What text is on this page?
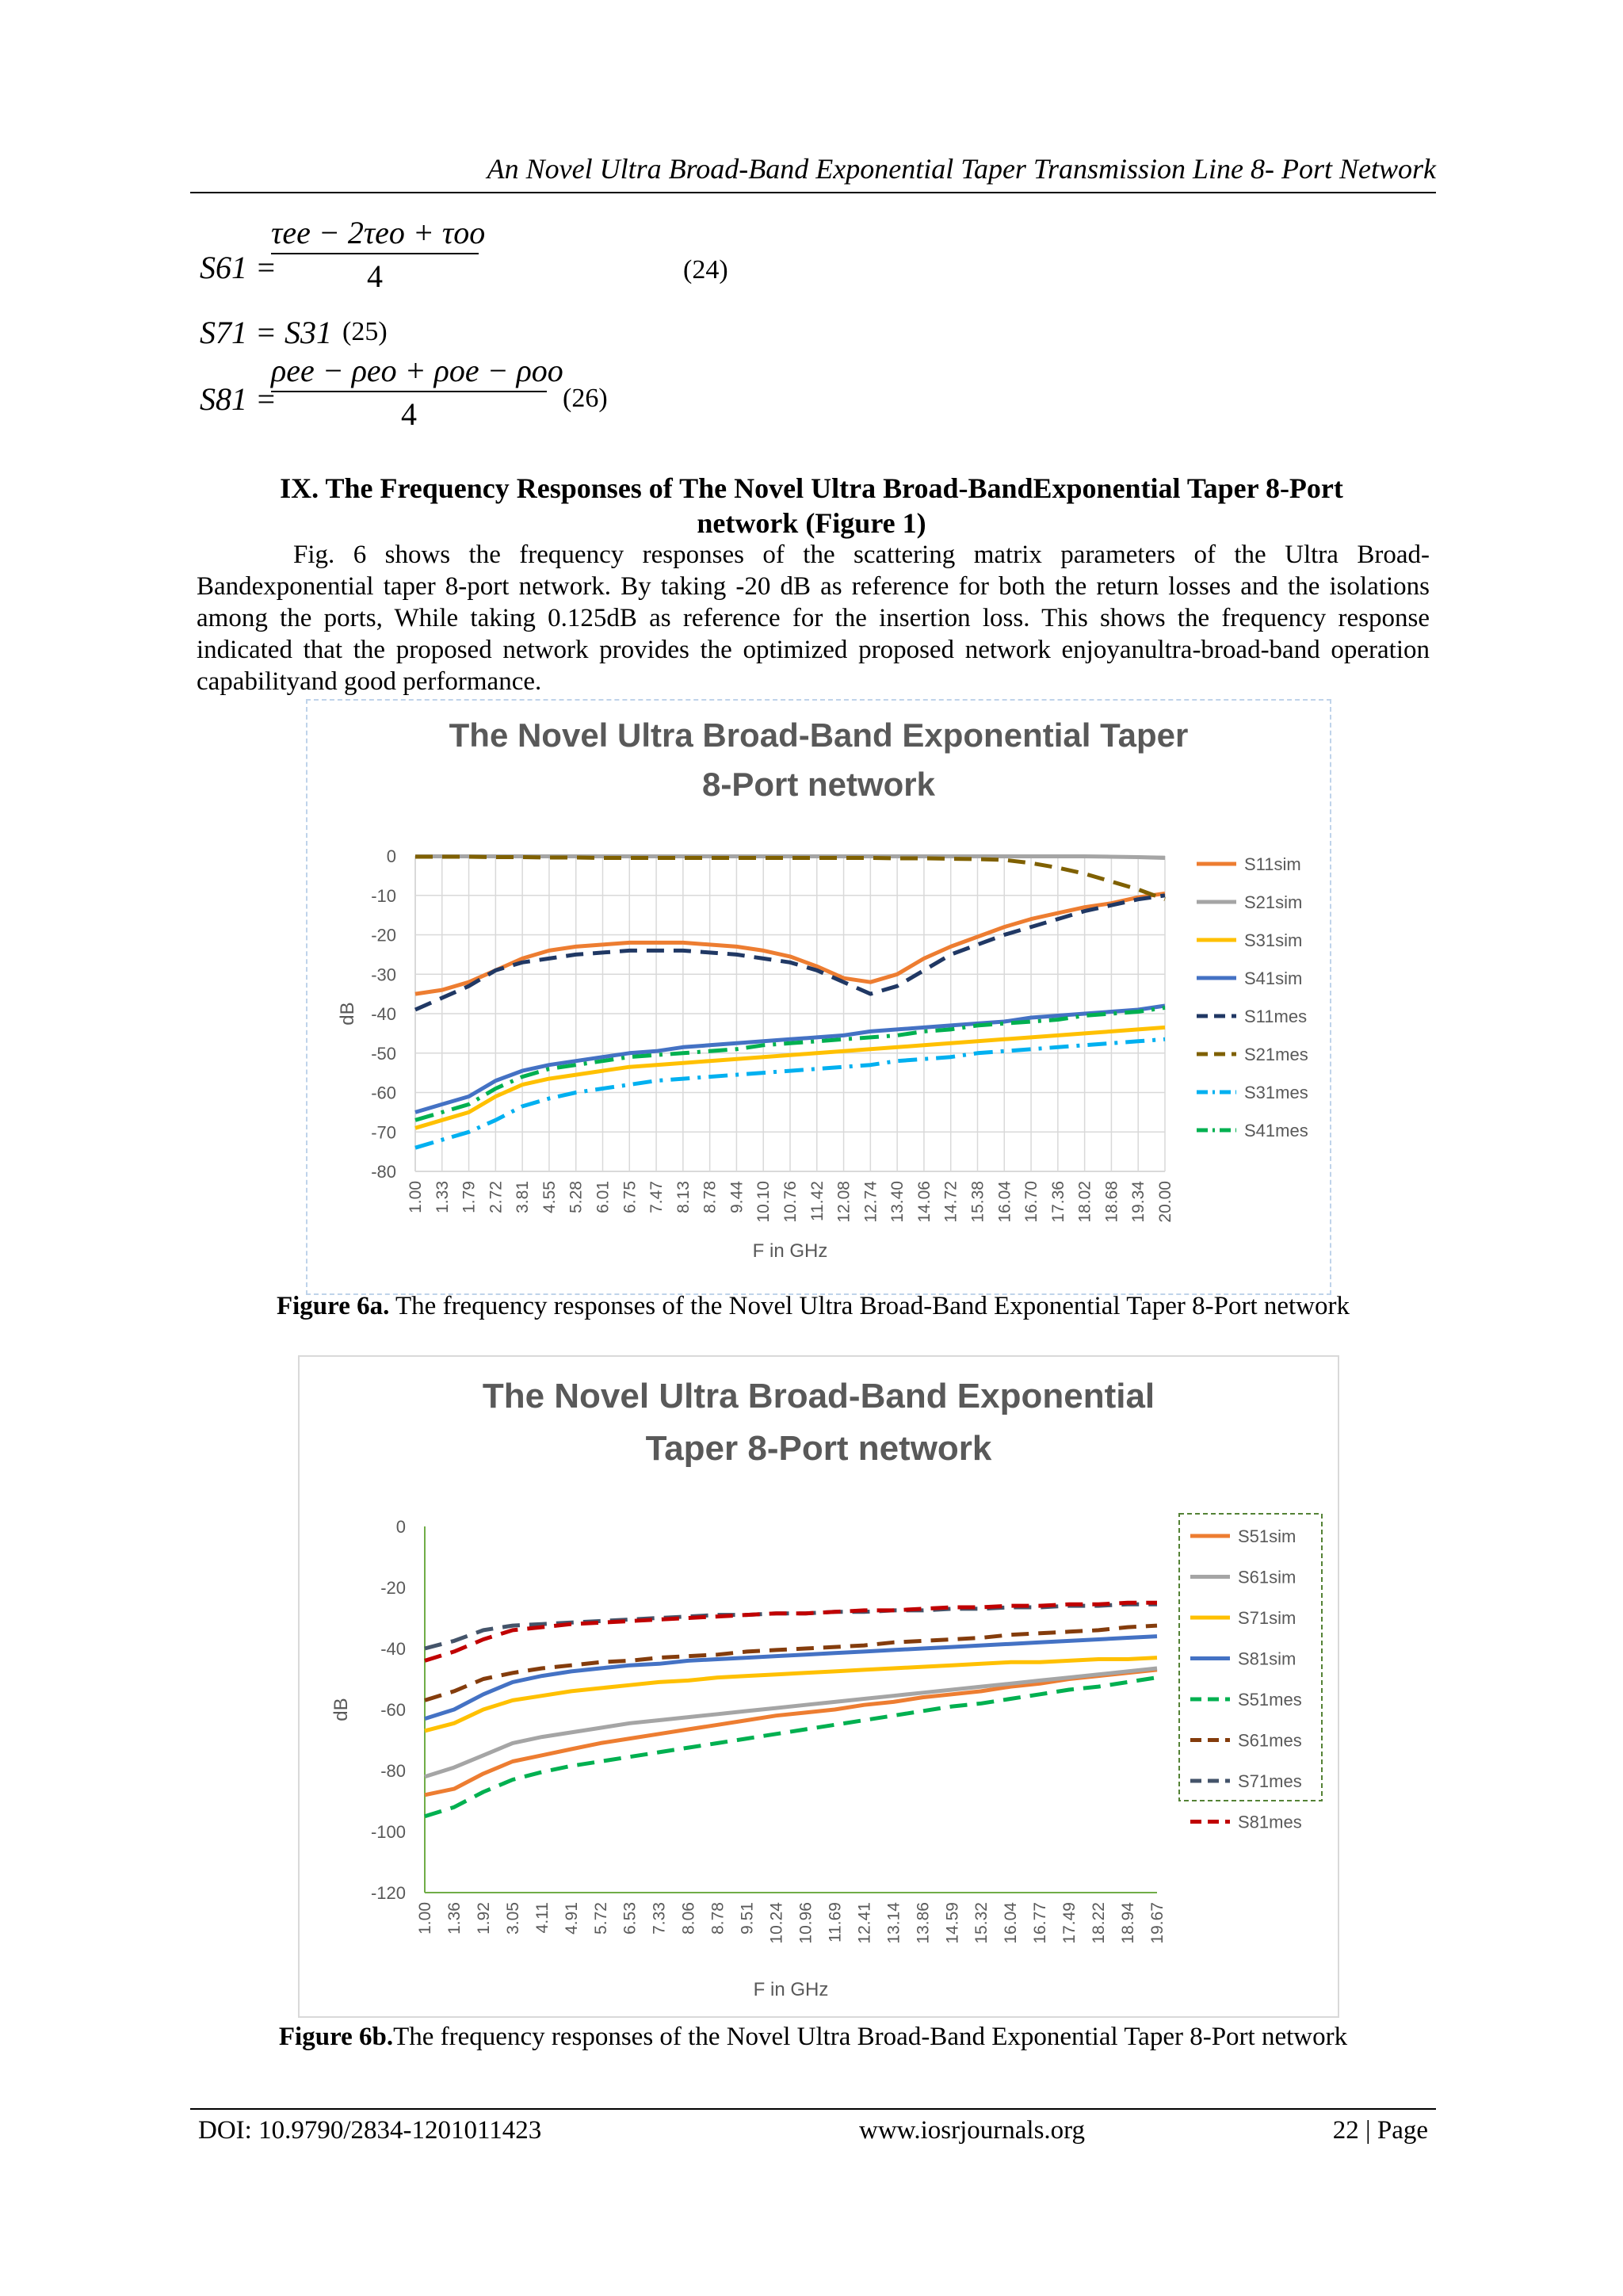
An Novel Ultra Broad-Band Exponential Taper Transmission Line 8- Port Network
S61 =
τee − 2τeo + τoo
4	(24)
S71 = S31 (25)
S81 =
ρee − ρeo + ρoe − ρoo
4	(26)
IX. The Frequency Responses of The Novel Ultra Broad-BandExponential Taper 8-Port
network (Figure 1)

Fig. 6 shows the frequency responses of the scattering matrix parameters of the Ultra Broad-Bandexponential taper 8-port network. By taking -20 dB as reference for both the return losses and the isolations among the ports, While taking 0.125dB as reference for the insertion loss. This shows the frequency response indicated that the proposed network provides the optimized proposed network enjoyanultra-broad-band operation capabilityand good performance.

The Novel Ultra Broad-Band Exponential Taper
8-Port network
0
-10
-20
-30
-40
-50
-60
-70
-80
1.00 1.33 1.79 2.72 3.81 4.55 5.28 6.01 6.75 7.47 8.13 8.78 9.44 10.10 10.76 11.42 12.08 12.74 13.40 14.06 14.72 15.38 16.04 16.70 17.36 18.02 18.68 19.34 20.00
F in GHz
dB
S11sim
S21sim
S31sim
S41sim
S11mes
S21mes
S31mes
S41mes
Figure 6a. The frequency responses of the Novel Ultra Broad-Band Exponential Taper 8-Port network
The Novel Ultra Broad-Band Exponential
Taper 8-Port network
0
-20
-40
-60
-80
-100
-120
1.00 1.36 1.92 3.05 4.11 4.91 5.72 6.53 7.33 8.06 8.78 9.51 10.24 10.96 11.69 12.41 13.14 13.86 14.59 15.32 16.04 16.77 17.49 18.22 18.94 19.67
F in GHz
dB
S51sim
S61sim
S71sim
S81sim
S51mes
S61mes
S71mes
S81mes
Figure 6b.The frequency responses of the Novel Ultra Broad-Band Exponential Taper 8-Port network
DOI: 10.9790/2834-1201011423	www.iosrjournals.org	22 | Page
